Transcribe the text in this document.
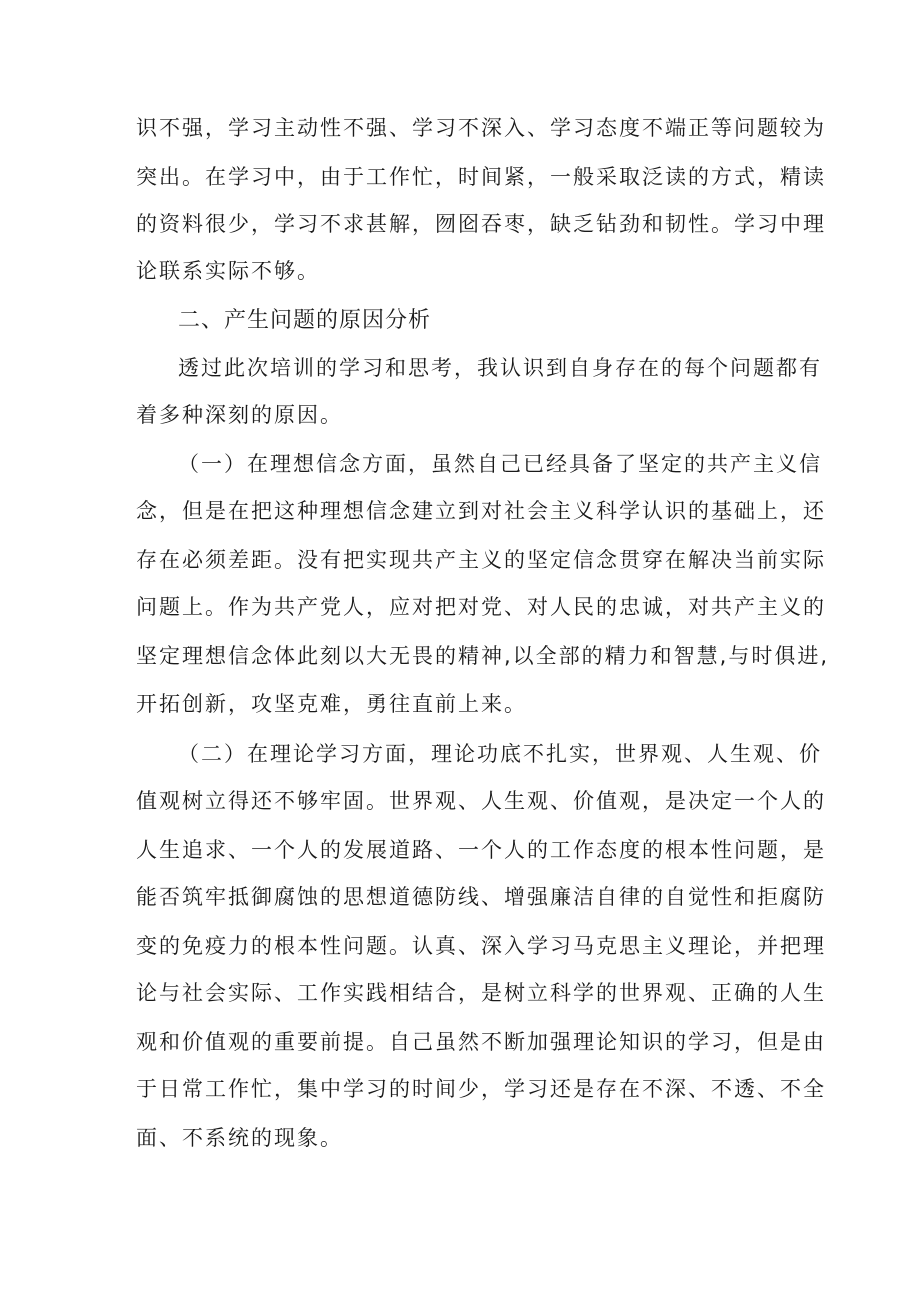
识不强，学习主动性不强、学习不深入、学习态度不端正等问题较为
突出。在学习中，由于工作忙，时间紧，一般采取泛读的方式，精读
的资料很少，学习不求甚解，囫囵吞枣，缺乏钻劲和韧性。学习中理
论联系实际不够。
二、产生问题的原因分析
透过此次培训的学习和思考，我认识到自身存在的每个问题都有
着多种深刻的原因。
（一）在理想信念方面，虽然自己已经具备了坚定的共产主义信
念，但是在把这种理想信念建立到对社会主义科学认识的基础上，还
存在必须差距。没有把实现共产主义的坚定信念贯穿在解决当前实际
问题上。作为共产党人，应对把对党、对人民的忠诚，对共产主义的
坚定理想信念体此刻以大无畏的精神,以全部的精力和智慧,与时俱进,
开拓创新，攻坚克难，勇往直前上来。
（二）在理论学习方面，理论功底不扎实，世界观、人生观、价
值观树立得还不够牢固。世界观、人生观、价值观，是决定一个人的
人生追求、一个人的发展道路、一个人的工作态度的根本性问题，是
能否筑牢抵御腐蚀的思想道德防线、增强廉洁自律的自觉性和拒腐防
变的免疫力的根本性问题。认真、深入学习马克思主义理论，并把理
论与社会实际、工作实践相结合，是树立科学的世界观、正确的人生
观和价值观的重要前提。自己虽然不断加强理论知识的学习，但是由
于日常工作忙，集中学习的时间少，学习还是存在不深、不透、不全
面、不系统的现象。
